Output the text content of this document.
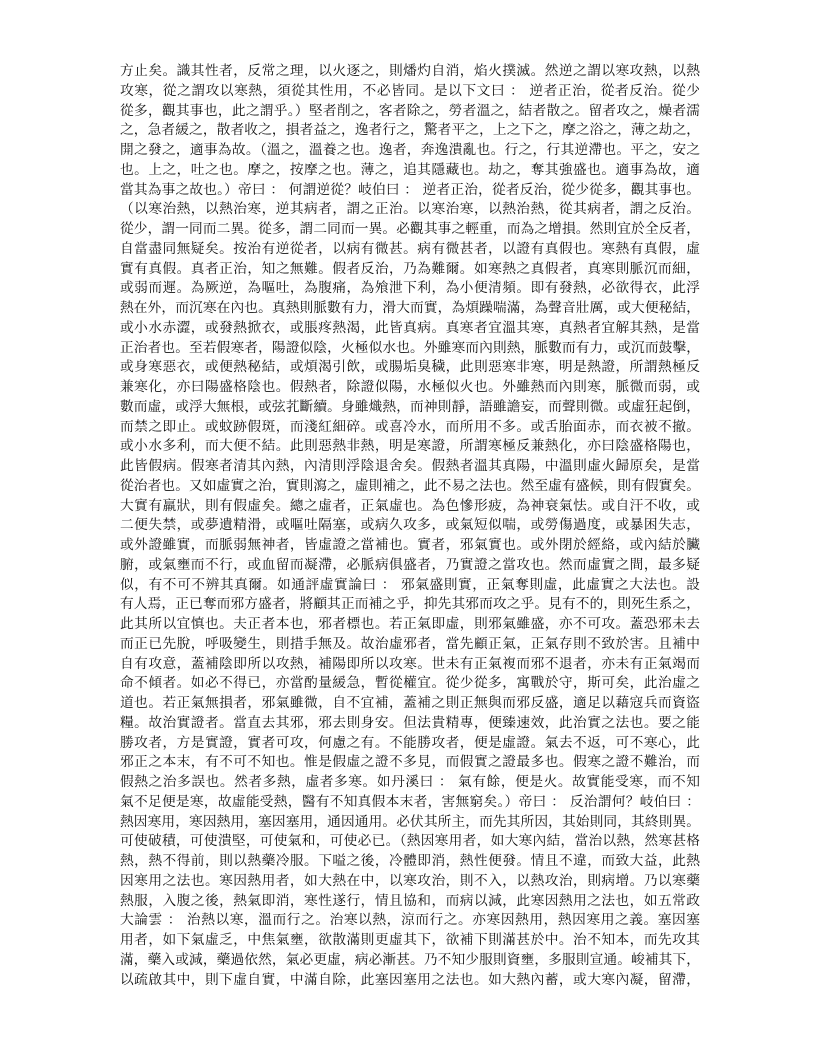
方止矣。識其性者，反常之理，以火逐之，則燔灼自消，焰火撲滅。然逆之謂以寒攻熱，以熱
攻寒，從之謂攻以寒熱，須從其性用，不必皆同。是以下文曰 ： 逆者正治，從者反治。從少
從多，觀其事也，此之謂乎。）堅者削之，客者除之，勞者溫之，結者散之。留者攻之，燥者濡
之，急者緩之，散者收之，損者益之，逸者行之，驚者平之，上之下之，摩之浴之，薄之劫之，
開之發之，適事為故。（溫之，溫養之也。逸者，奔逸潰亂也。行之，行其逆滯也。平之，安之
也。上之，吐之也。摩之，按摩之也。薄之，追其隱藏也。劫之，奪其強盛也。適事為故，適
當其為事之故也。）帝曰 ： 何謂逆從？岐伯曰 ： 逆者正治，從者反治，從少從多，觀其事也。
（以寒治熱，以熱治寒，逆其病者，謂之正治。以寒治寒，以熱治熱，從其病者，謂之反治。
從少，謂一同而二異。從多，謂二同而一異。必觀其事之輕重，而為之增損。然則宜於全反者，
自當盡同無疑矣。按治有逆從者，以病有微甚。病有微甚者，以證有真假也。寒熱有真假，虛
實有真假。真者正治，知之無難。假者反治，乃為難爾。如寒熱之真假者，真寒則脈沉而細，
或弱而遲。為厥逆，為嘔吐，為腹痛，為飧泄下利，為小便清頻。即有發熱，必欲得衣，此浮
熱在外，而沉寒在內也。真熱則脈數有力，滑大而實，為煩躁喘滿，為聲音壯厲，或大便秘結，
或小水赤澀，或發熱掀衣，或脹疼熱渴，此皆真病。真寒者宜溫其寒，真熱者宜解其熱，是當
正治者也。至若假寒者，陽證似陰，火極似水也。外雖寒而內則熱，脈數而有力，或沉而鼓擊，
或身寒惡衣，或便熱秘結，或煩渴引飲，或腸垢臭穢，此則惡寒非寒，明是熱證，所謂熱極反
兼寒化，亦曰陽盛格陰也。假熱者，除證似陽，水極似火也。外雖熱而內則寒，脈微而弱，或
數而虛，或浮大無根，或弦芤斷續。身雖熾熱，而神則靜，語雖譫妄，而聲則微。或虛狂起倒，
而禁之即止。或蚊跡假斑，而淺紅細碎。或喜冷水，而所用不多。或舌胎面赤，而衣被不撤。
或小水多利，而大便不結。此則惡熱非熱，明是寒證，所謂寒極反兼熱化，亦曰陰盛格陽也，
此皆假病。假寒者清其內熱，內清則浮陰退舍矣。假熱者溫其真陽，中溫則虛火歸原矣，是當
從治者也。又如虛實之治，實則瀉之，虛則補之，此不易之法也。然至虛有盛候，則有假實矣。
大實有羸狀，則有假虛矣。總之虛者，正氣虛也。為色慘形疲，為神衰氣怯。或自汗不收，或
二便失禁，或夢遺精滑，或嘔吐隔塞，或病久攻多，或氣短似喘，或勞傷過度，或暴困失志，
或外證雖實，而脈弱無神者，皆虛證之當補也。實者，邪氣實也。或外閉於經絡，或內結於臟
腑，或氣壅而不行，或血留而凝滯，必脈病俱盛者，乃實證之當攻也。然而虛實之間，最多疑
似，有不可不辨其真爾。如通評虛實論曰 ： 邪氣盛則實，正氣奪則虛，此虛實之大法也。設
有人焉，正已奪而邪方盛者，將顧其正而補之乎，抑先其邪而攻之乎。見有不的，則死生系之，
此其所以宜慎也。夫正者本也，邪者標也。若正氣即虛，則邪氣雖盛，亦不可攻。蓋恐邪未去
而正已先脫，呼吸變生，則措手無及。故治虛邪者，當先顧正氣，正氣存則不致於害。且補中
自有攻意，蓋補陰即所以攻熱，補陽即所以攻寒。世未有正氣複而邪不退者，亦未有正氣竭而
命不傾者。如必不得已，亦當酌量緩急，暫從權宜。從少從多，寓戰於守，斯可矣，此治虛之
道也。若正氣無損者，邪氣雖微，自不宜補，蓋補之則正無與而邪反盛，適足以藉寇兵而資盜
糧。故治實證者。當直去其邪，邪去則身安。但法貴精專，便臻速效，此治實之法也。要之能
勝攻者，方是實證，實者可攻，何慮之有。不能勝攻者，便是虛證。氣去不返，可不寒心，此
邪正之本末，有不可不知也。惟是假虛之證不多見，而假實之證最多也。假寒之證不難治，而
假熱之治多誤也。然者多熱，虛者多寒。如丹溪曰 ： 氣有餘，便是火。故實能受寒，而不知
氣不足便是寒，故虛能受熱，醫有不知真假本末者，害無窮矣。）帝曰 ： 反治謂何？岐伯曰 ：
熱因寒用，寒因熱用，塞因塞用，通因通用。必伏其所主，而先其所因，其始則同，其終則異。
可使破積，可使潰堅，可使氣和，可使必已。（熱因寒用者，如大寒內結，當治以熱，然寒甚格
熱，熱不得前，則以熱藥冷服。下嗌之後，冷體即消，熱性便發。情且不違，而致大益，此熱
因寒用之法也。寒因熱用者，如大熱在中，以寒攻治，則不入，以熱攻治，則病增。乃以寒藥
熱服，入腹之後，熱氣即消，寒性遂行，情且協和，而病以減，此寒因熱用之法也，如五常政
大論雲 ： 治熱以寒，溫而行之。治寒以熱，涼而行之。亦寒因熱用，熱因寒用之義。塞因塞
用者，如下氣虛乏，中焦氣壅，欲散滿則更虛其下，欲補下則滿甚於中。治不知本，而先攻其
滿，藥入或減，藥過依然，氣必更虛，病必漸甚。乃不知少服則資壅，多服則宣通。峻補其下，
以疏啟其中，則下虛自實，中滿自除，此塞因塞用之法也。如大熱內蓄，或大寒內凝，留滯，
